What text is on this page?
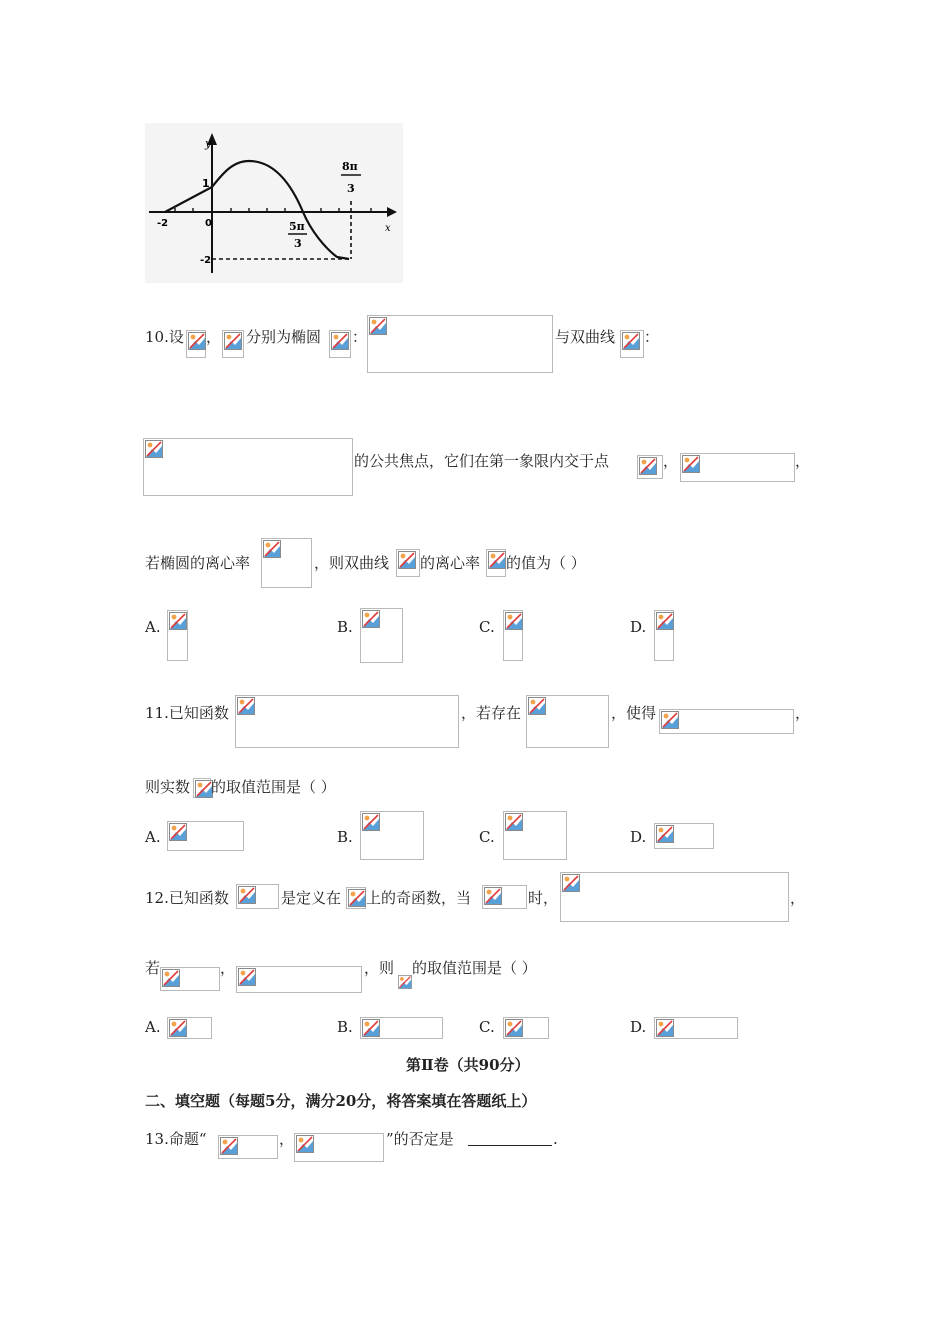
y
x
1
0
-2
-2
5π
3
8π
3
10.设 ， 分别为椭圆 ：	与双曲线 ：
的公共焦点，它们在第一象限内交于点	，	，
若椭圆的离心率	，则双曲线 的离心率 的值为（ ）
A.	B.	C.	D.
11.已知函数	，若存在	，使得	，
则实数 的取值范围是（ ）
A.	B.	C.	D.
12.已知函数	是定义在 上的奇函数，当	时，	，
若	，	，则 的取值范围是（ ）
A.	B.	C.	D.
第Ⅱ卷（共90分）
二、填空题（每题5分，满分20分，将答案填在答题纸上）
13.命题“	，	”的否定是	.
